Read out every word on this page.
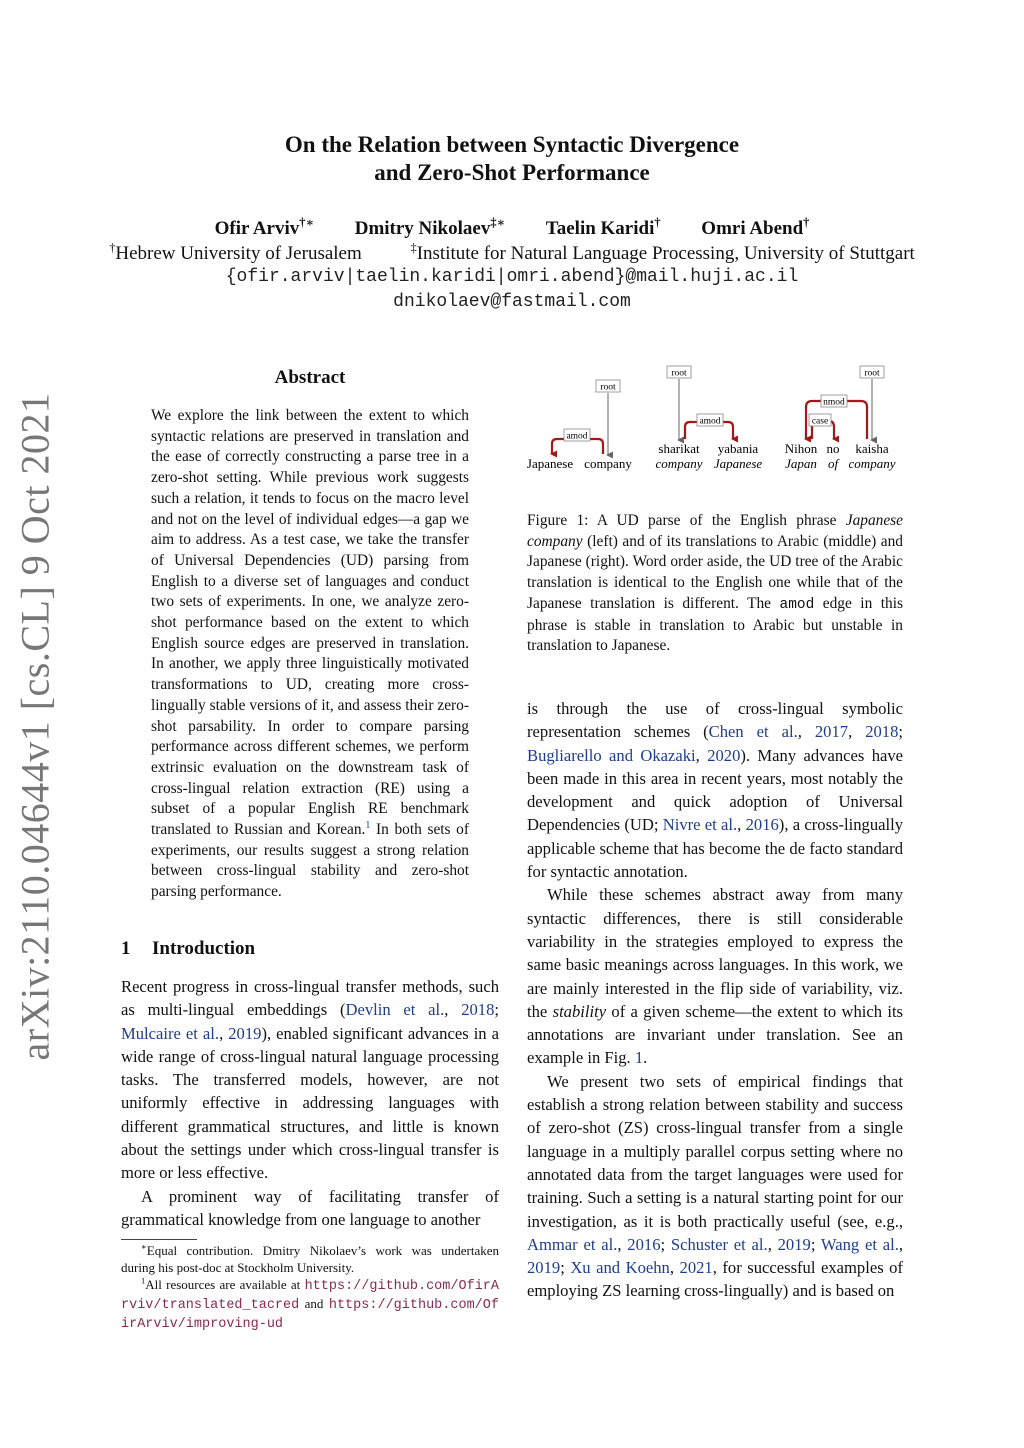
arXiv:2110.04644v1 [cs.CL] 9 Oct 2021
On the Relation between Syntactic Divergence
and Zero-Shot Performance
Ofir Arviv†∗ Dmitry Nikolaev‡∗ Taelin Karidi† Omri Abend†
†Hebrew University of Jerusalem	‡Institute for Natural Language Processing, University of Stuttgart
{ofir.arviv|taelin.karidi|omri.abend}@mail.huji.ac.il
dnikolaev@fastmail.com
Abstract
We explore the link between the extent to which syntactic relations are preserved in translation and the ease of correctly constructing a parse tree in a zero-shot setting. While previous work suggests such a relation, it tends to focus on the macro level and not on the level of individual edges—a gap we aim to address. As a test case, we take the transfer of Universal Dependencies (UD) parsing from English to a diverse set of languages and conduct two sets of experiments. In one, we analyze zero-shot performance based on the extent to which English source edges are preserved in translation. In another, we apply three linguistically motivated transformations to UD, creating more cross-lingually stable versions of it, and assess their zero-shot parsability. In order to compare parsing performance across different schemes, we perform extrinsic evaluation on the downstream task of cross-lingual relation extraction (RE) using a subset of a popular English RE benchmark translated to Russian and Korean.$^1$ In both sets of experiments, our results suggest a strong relation between cross-lingual stability and zero-shot parsing performance.
1 Introduction

Recent progress in cross-lingual transfer methods, such as multi-lingual embeddings (Devlin et al., 2018; Mulcaire et al., 2019), enabled significant advances in a wide range of cross-lingual natural language processing tasks. The transferred models, however, are not uniformly effective in addressing languages with different grammatical structures, and little is known about the settings under which cross-lingual transfer is more or less effective.

A prominent way of facilitating transfer of grammatical knowledge from one language to another

∗Equal contribution. Dmitry Nikolaev’s work was undertaken during his post-doc at Stockholm University.
$^1$All resources are available at https://github.com/OfirArviv/translated_tacred and https://github.com/OfirArviv/improving-ud
root
amod
Japanese company
root
amod
sharikat yabania
company Japanese
root
nmod
case
Nihon no kaisha
Japan of company
Figure 1: A UD parse of the English phrase Japanese company (left) and of its translations to Arabic (middle) and Japanese (right). Word order aside, the UD tree of the Arabic translation is identical to the English one while that of the Japanese translation is different. The amod edge in this phrase is stable in translation to Arabic but unstable in translation to Japanese.

is through the use of cross-lingual symbolic representation schemes (Chen et al., 2017, 2018; Bugliarello and Okazaki, 2020). Many advances have been made in this area in recent years, most notably the development and quick adoption of Universal Dependencies (UD; Nivre et al., 2016), a cross-lingually applicable scheme that has become the de facto standard for syntactic annotation.

While these schemes abstract away from many syntactic differences, there is still considerable variability in the strategies employed to express the same basic meanings across languages. In this work, we are mainly interested in the flip side of variability, viz. the stability of a given scheme—the extent to which its annotations are invariant under translation. See an example in Fig. 1.

We present two sets of empirical findings that establish a strong relation between stability and success of zero-shot (ZS) cross-lingual transfer from a single language in a multiply parallel corpus setting where no annotated data from the target languages were used for training. Such a setting is a natural starting point for our investigation, as it is both practically useful (see, e.g., Ammar et al., 2016; Schuster et al., 2019; Wang et al., 2019; Xu and Koehn, 2021, for successful examples of employing ZS learning cross-lingually) and is based on
